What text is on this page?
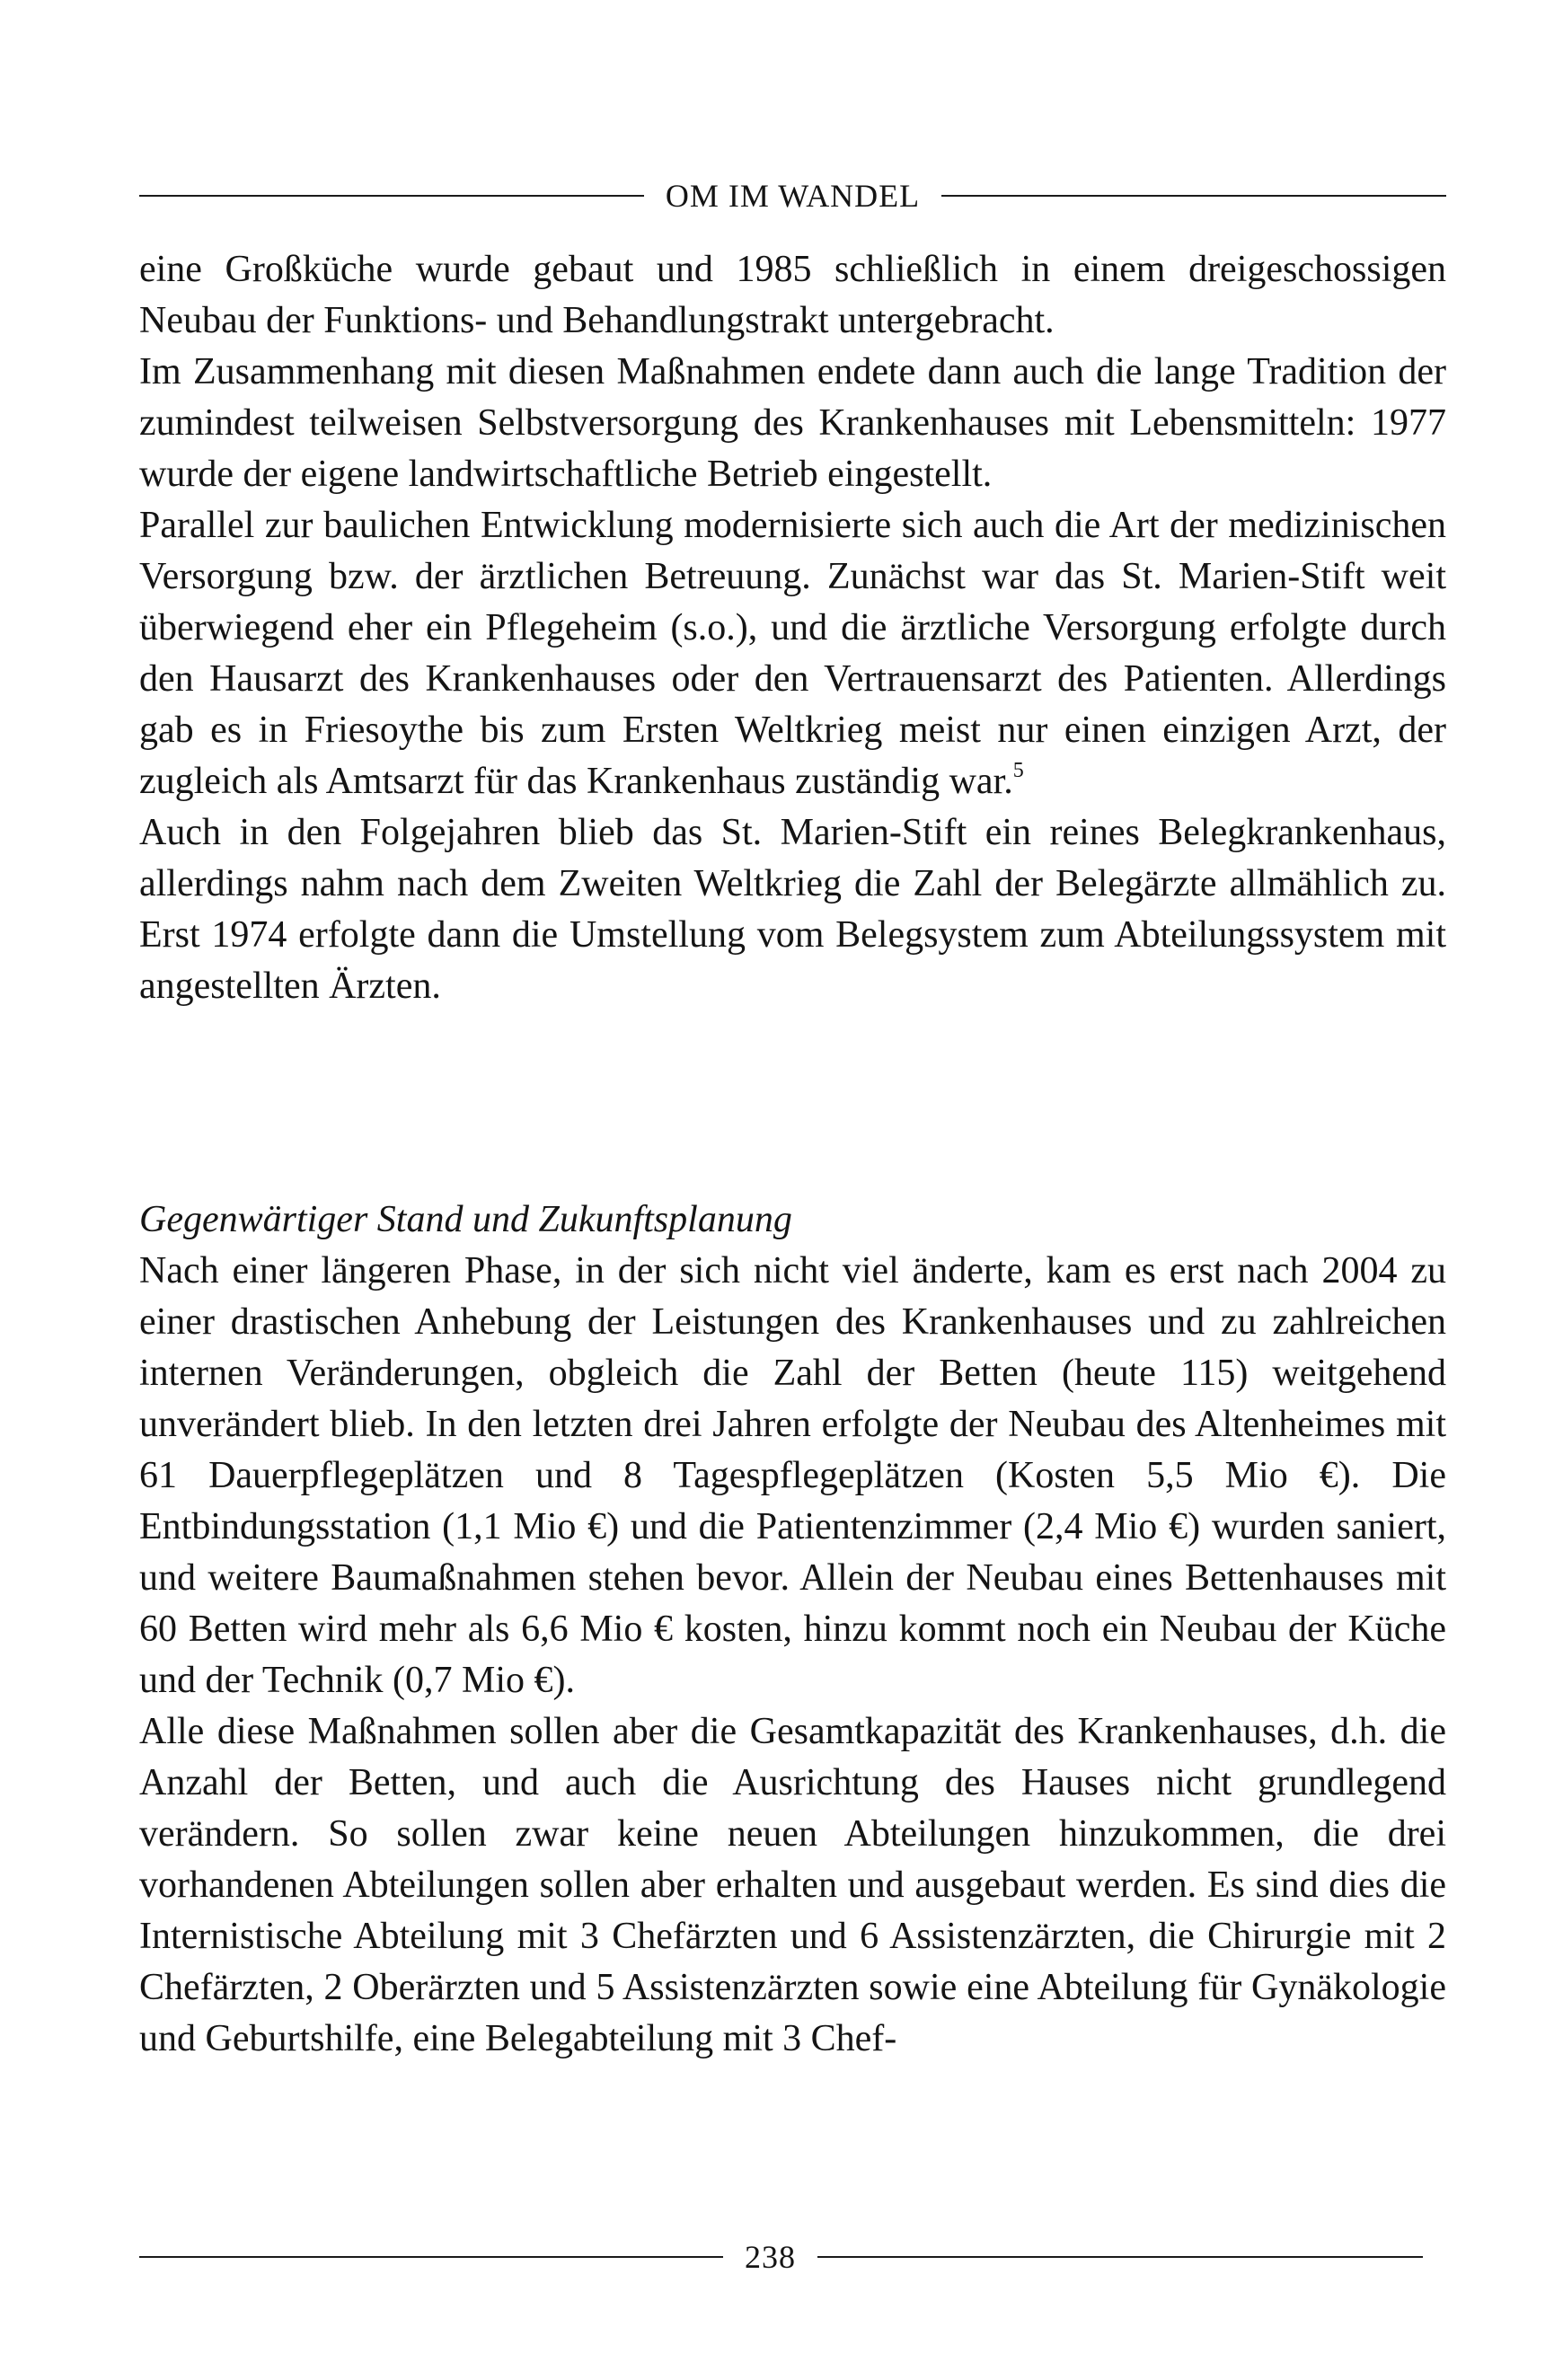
OM IM WANDEL

eine Großküche wurde gebaut und 1985 schließlich in einem dreigeschossigen Neubau der Funktions- und Behandlungstrakt untergebracht.

Im Zusammenhang mit diesen Maßnahmen endete dann auch die lange Tradition der zumindest teilweisen Selbstversorgung des Krankenhauses mit Lebensmitteln: 1977 wurde der eigene landwirtschaftliche Betrieb eingestellt.

Parallel zur baulichen Entwicklung modernisierte sich auch die Art der medizinischen Versorgung bzw. der ärztlichen Betreuung. Zunächst war das St. Marien-Stift weit überwiegend eher ein Pflegeheim (s.o.), und die ärztliche Versorgung erfolgte durch den Hausarzt des Krankenhauses oder den Vertrauensarzt des Patienten. Allerdings gab es in Friesoythe bis zum Ersten Weltkrieg meist nur einen einzigen Arzt, der zugleich als Amtsarzt für das Krankenhaus zuständig war.$^5$

Auch in den Folgejahren blieb das St. Marien-Stift ein reines Belegkrankenhaus, allerdings nahm nach dem Zweiten Weltkrieg die Zahl der Belegärzte allmählich zu. Erst 1974 erfolgte dann die Umstellung vom Belegsystem zum Abteilungssystem mit angestellten Ärzten.

Gegenwärtiger Stand und Zukunftsplanung

Nach einer längeren Phase, in der sich nicht viel änderte, kam es erst nach 2004 zu einer drastischen Anhebung der Leistungen des Krankenhauses und zu zahlreichen internen Veränderungen, obgleich die Zahl der Betten (heute 115) weitgehend unverändert blieb. In den letzten drei Jahren erfolgte der Neubau des Altenheimes mit 61 Dauerpflegeplätzen und 8 Tagespflegeplätzen (Kosten 5,5 Mio €). Die Entbindungsstation (1,1 Mio €) und die Patientenzimmer (2,4 Mio €) wurden saniert, und weitere Baumaßnahmen stehen bevor. Allein der Neubau eines Bettenhauses mit 60 Betten wird mehr als 6,6 Mio € kosten, hinzu kommt noch ein Neubau der Küche und der Technik (0,7 Mio €).

Alle diese Maßnahmen sollen aber die Gesamtkapazität des Krankenhauses, d.h. die Anzahl der Betten, und auch die Ausrichtung des Hauses nicht grundlegend verändern. So sollen zwar keine neuen Abteilungen hinzukommen, die drei vorhandenen Abteilungen sollen aber erhalten und ausgebaut werden. Es sind dies die Internistische Abteilung mit 3 Chefärzten und 6 Assistenzärzten, die Chirurgie mit 2 Chefärzten, 2 Oberärzten und 5 Assistenzärzten sowie eine Abteilung für Gynäkologie und Geburtshilfe, eine Belegabteilung mit 3 Chef-

238
